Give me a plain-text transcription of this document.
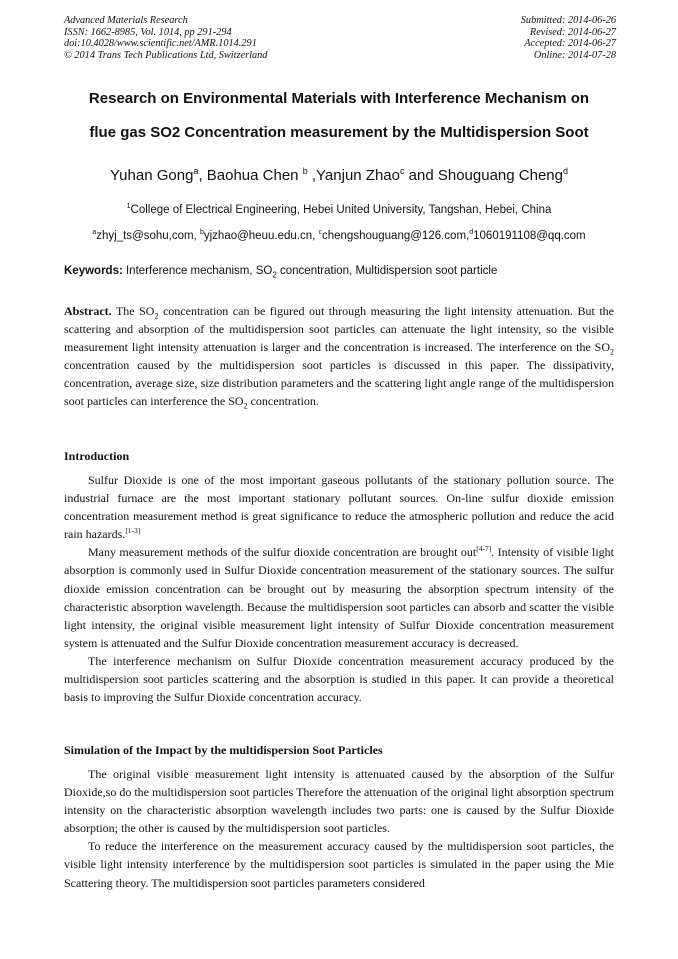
Advanced Materials Research
ISSN: 1662-8985, Vol. 1014, pp 291-294
doi:10.4028/www.scientific.net/AMR.1014.291
© 2014 Trans Tech Publications Ltd, Switzerland
Submitted: 2014-06-26
Revised: 2014-06-27
Accepted: 2014-06-27
Online: 2014-07-28
Research on Environmental Materials with Interference Mechanism on
flue gas SO2 Concentration measurement by the Multidispersion Soot
Yuhan Gong$^a$, Baohua Chen $^b$ ,Yanjun Zhao$^c$ and Shouguang Cheng$^d$
$^1$College of Electrical Engineering, Hebei United University, Tangshan, Hebei, China
$^a$zhyj_ts@sohu,com, $^b$yjzhao@heuu.edu.cn, $^c$chengshouguang@126.com,$^d$1060191108@qq.com
Keywords: Interference mechanism, $SO_2$ concentration, Multidispersion soot particle

Abstract. The $SO_2$ concentration can be figured out through measuring the light intensity attenuation. But the scattering and absorption of the multidispersion soot particles can attenuate the light intensity, so the visible measurement light intensity attenuation is larger and the concentration is increased. The interference on the $SO_2$ concentration caused by the multidispersion soot particles is discussed in this paper. The dissipativity, concentration, average size, size distribution parameters and the scattering light angle range of the multidispersion soot particles can interference the $SO_2$ concentration.

Introduction

Sulfur Dioxide is one of the most important gaseous pollutants of the stationary pollution source. The industrial furnace are the most important stationary pollutant sources. On-line sulfur dioxide emission concentration measurement method is great significance to reduce the atmospheric pollution and reduce the acid rain hazards.[1-3]

Many measurement methods of the sulfur dioxide concentration are brought out[4-7]. Intensity of visible light absorption is commonly used in Sulfur Dioxide concentration measurement of the stationary sources. The sulfur dioxide emission concentration can be brought out by measuring the absorption spectrum intensity of the characteristic absorption wavelength. Because the multidispersion soot particles can absorb and scatter the visible light intensity, the original visible measurement light intensity of Sulfur Dioxide concentration measurement system is attenuated and the Sulfur Dioxide concentration measurement accuracy is decreased.

The interference mechanism on Sulfur Dioxide concentration measurement accuracy produced by the multidispersion soot particles scattering and the absorption is studied in this paper. It can provide a theoretical basis to improving the Sulfur Dioxide concentration accuracy.

Simulation of the Impact by the multidispersion Soot Particles

The original visible measurement light intensity is attenuated caused by the absorption of the Sulfur Dioxide,so do the multidispersion soot particles Therefore the attenuation of the original light absorption spectrum intensity on the characteristic absorption wavelength includes two parts: one is caused by the Sulfur Dioxide absorption; the other is caused by the multidispersion soot particles.

To reduce the interference on the measurement accuracy caused by the multidispersion soot particles, the visible light intensity interference by the multidispersion soot particles is simulated in the paper using the Mie Scattering theory. The multidispersion soot particles parameters considered
